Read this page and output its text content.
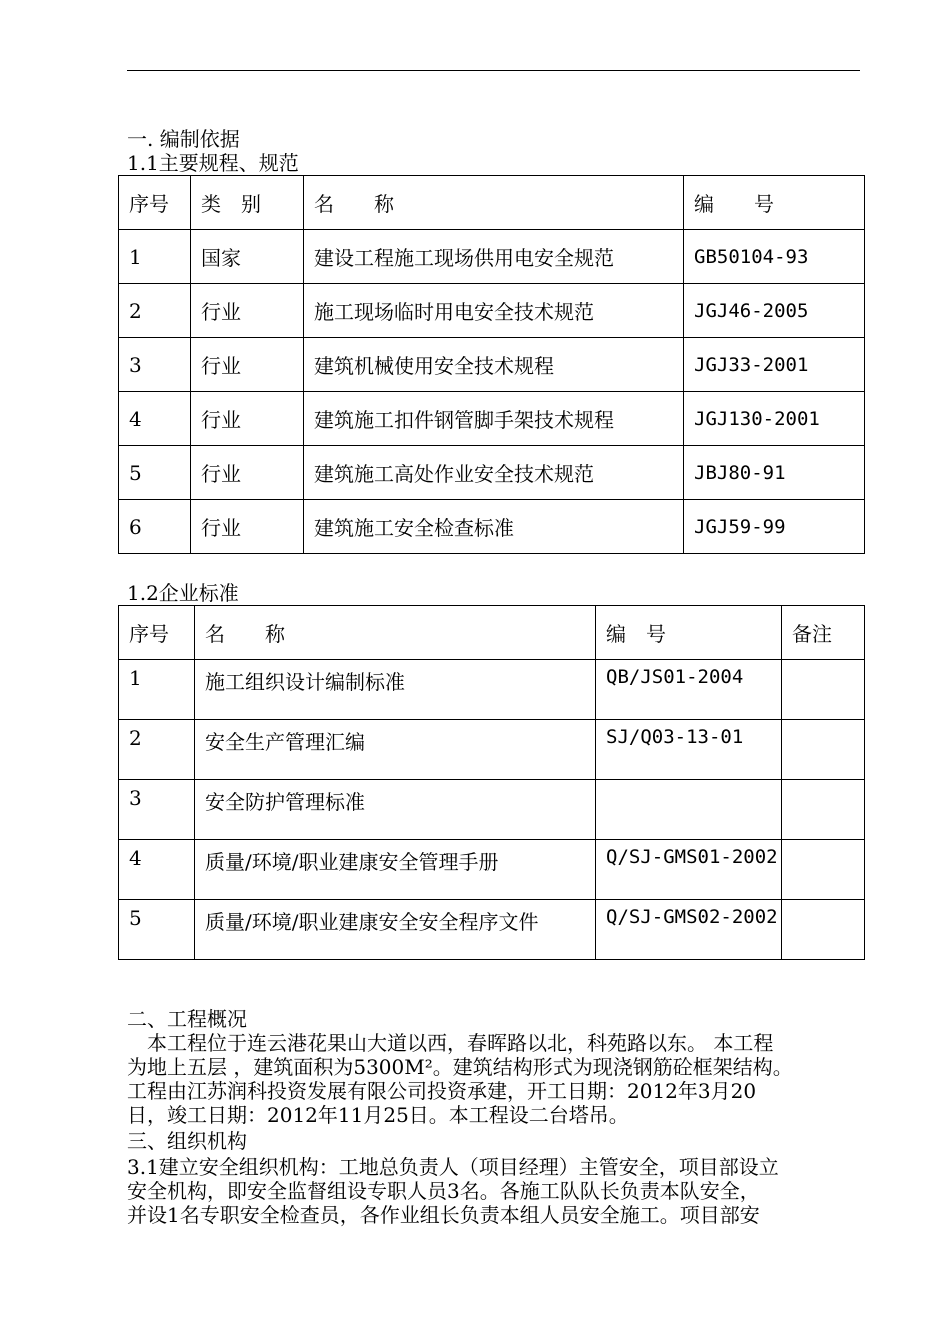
一. 编制依据
1.1主要规程、规范
序号	类　别	名　　称	编　　号
1	国家	建设工程施工现场供用电安全规范	GB50104-93
2	行业	施工现场临时用电安全技术规范	JGJ46-2005
3	行业	建筑机械使用安全技术规程	JGJ33-2001
4	行业	建筑施工扣件钢管脚手架技术规程	JGJ130-2001
5	行业	建筑施工高处作业安全技术规范	JBJ80-91
6	行业	建筑施工安全检查标准	JGJ59-99
1.2企业标准
序号	名　　称	编　号	备注
1	施工组织设计编制标准	QB/JS01-2004	
2	安全生产管理汇编	SJ/Q03-13-01	
3	安全防护管理标准		
4	质量/环境/职业建康安全管理手册	Q/SJ-GMS01-2002	
5	质量/环境/职业建康安全安全程序文件	Q/SJ-GMS02-2002	
二、工程概况
　本工程位于连云港花果山大道以西，春晖路以北，科苑路以东。 本工程
为地上五层 ，建筑面积为5300M²。建筑结构形式为现浇钢筋砼框架结构。
工程由江苏润科投资发展有限公司投资承建，开工日期：2012年3月20
日，竣工日期：2012年11月25日。本工程设二台塔吊。
三、组织机构
3.1建立安全组织机构：工地总负责人（项目经理）主管安全，项目部设立
安全机构，即安全监督组设专职人员3名。各施工队队长负责本队安全，
并设1名专职安全检查员，各作业组长负责本组人员安全施工。项目部安
